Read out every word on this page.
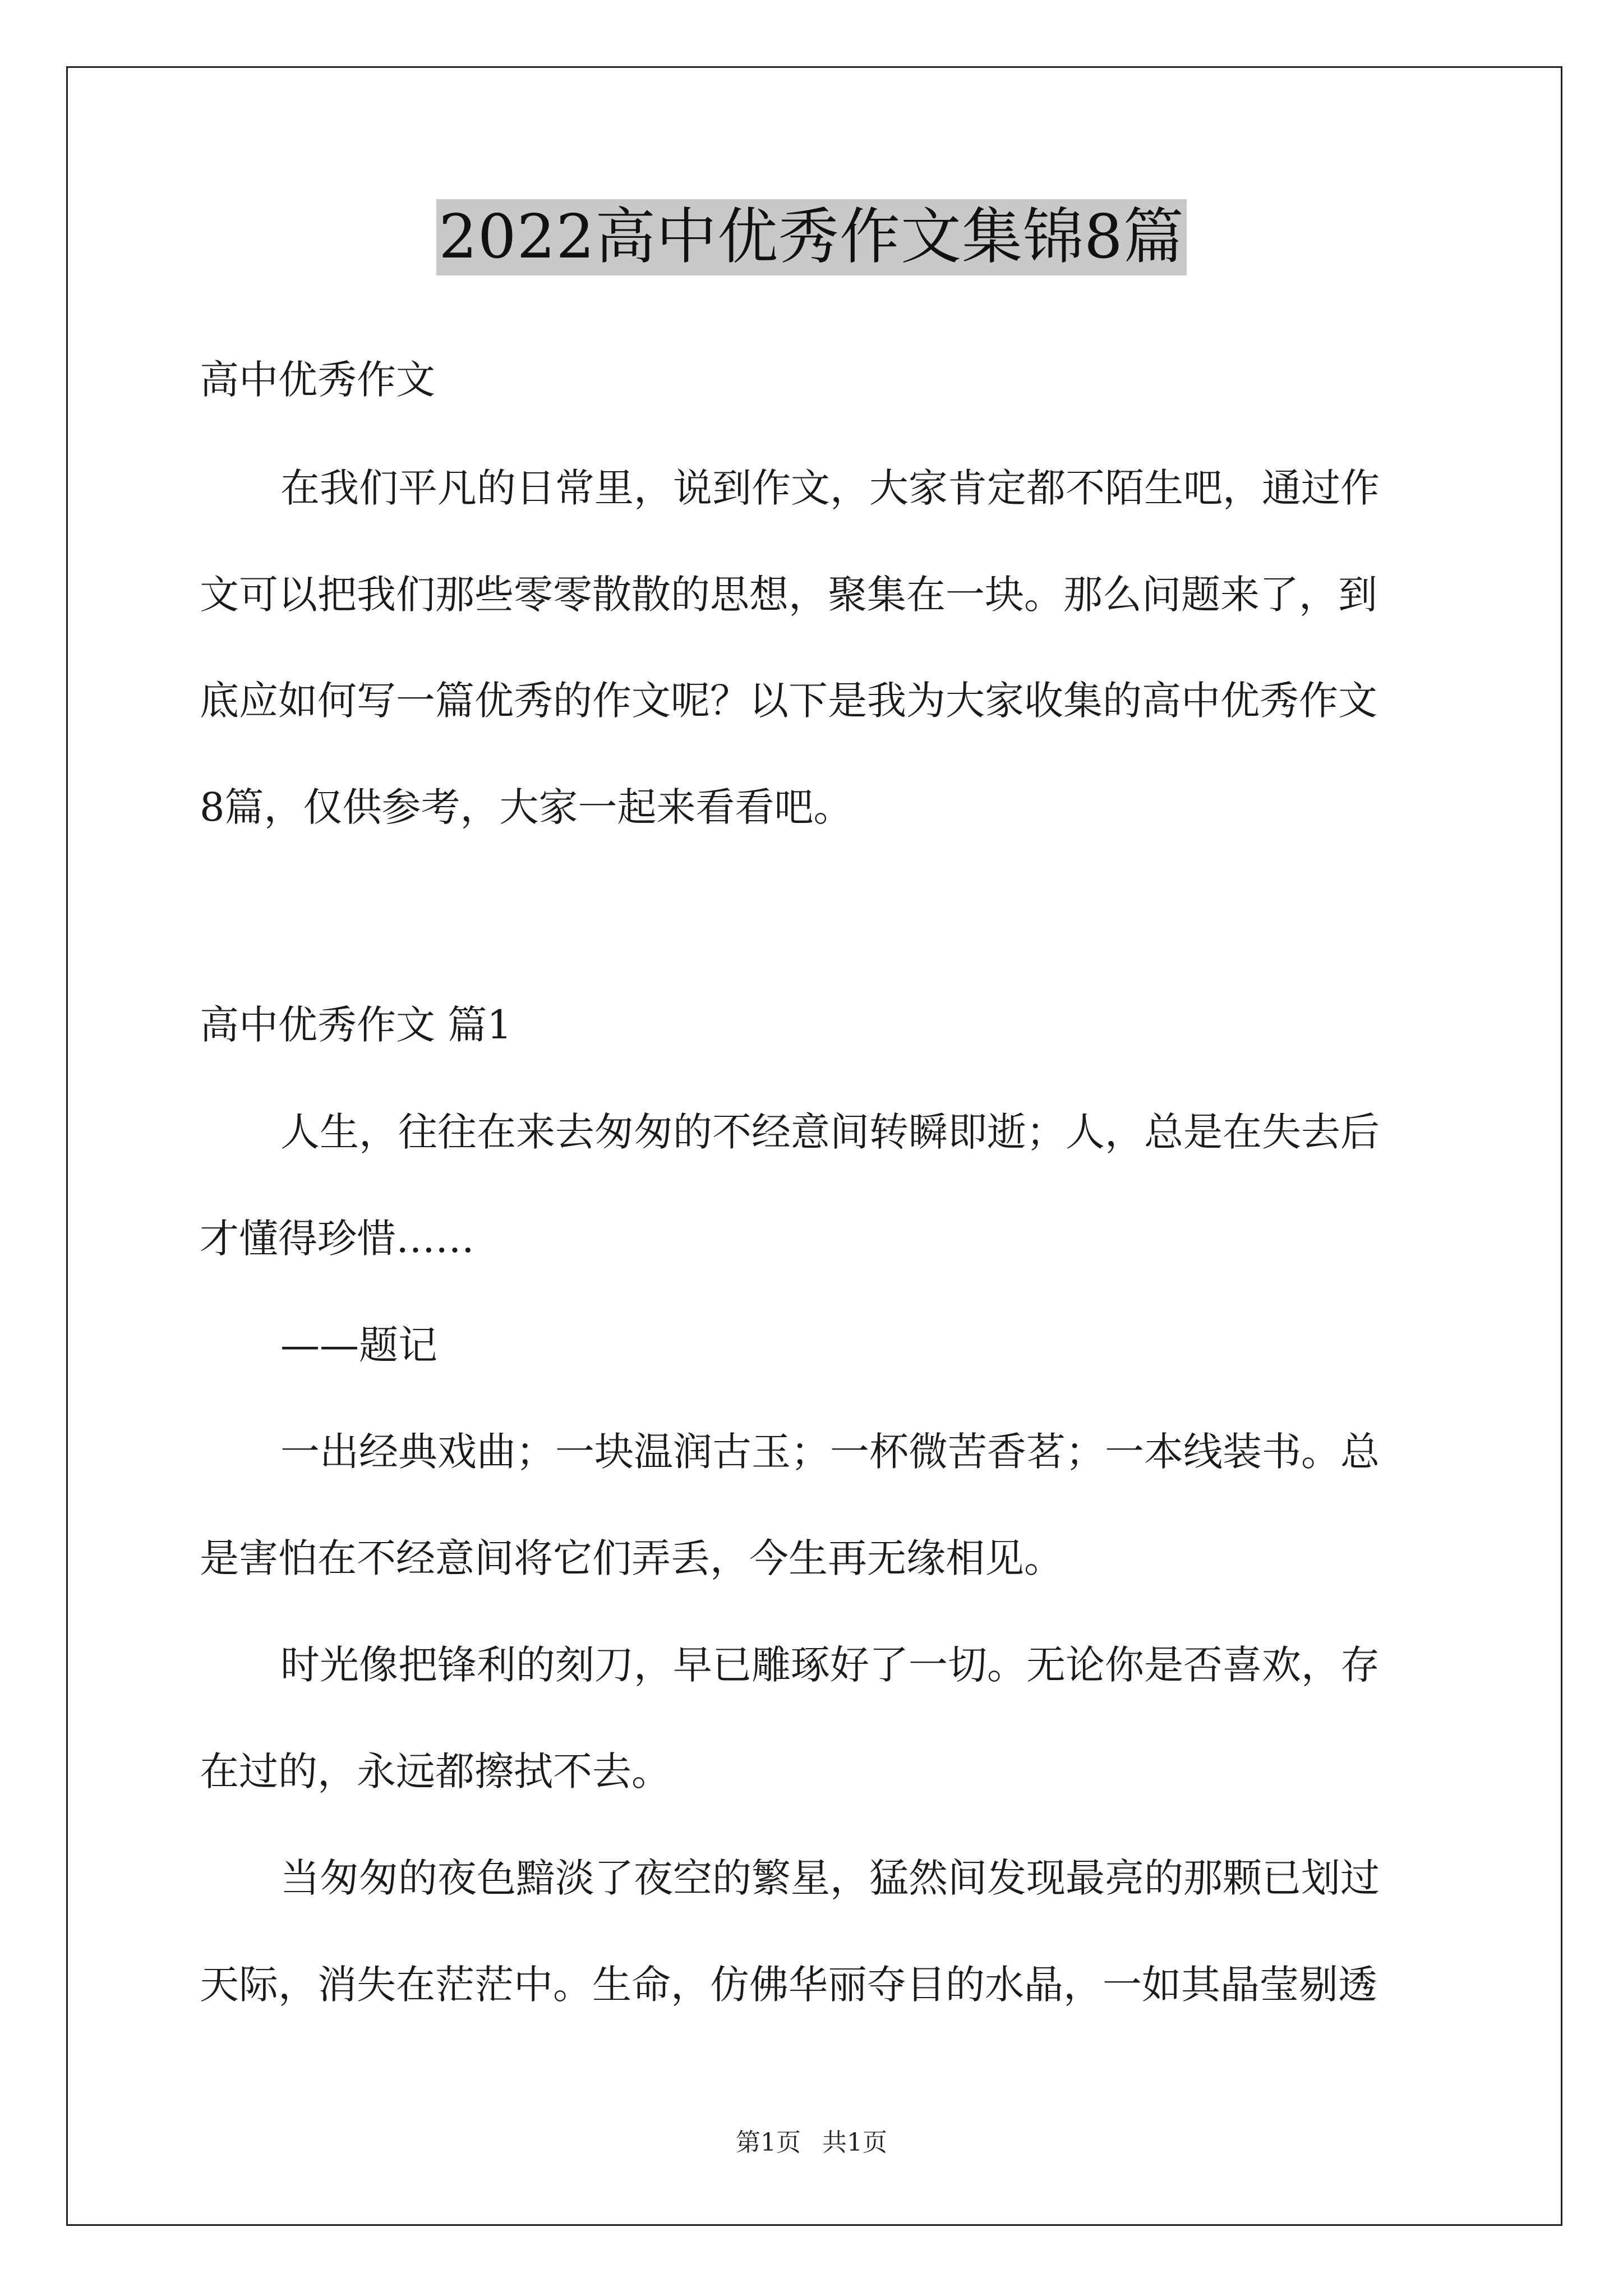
2022高中优秀作文集锦8篇
高中优秀作文
在我们平凡的日常里，说到作文，大家肯定都不陌生吧，通过作
文可以把我们那些零零散散的思想，聚集在一块。那么问题来了，到
底应如何写一篇优秀的作文呢？以下是我为大家收集的高中优秀作文
8篇，仅供参考，大家一起来看看吧。
高中优秀作文 篇1
人生，往往在来去匆匆的不经意间转瞬即逝；人，总是在失去后
才懂得珍惜……
——题记
一出经典戏曲；一块温润古玉；一杯微苦香茗；一本线装书。总
是害怕在不经意间将它们弄丢，今生再无缘相见。
时光像把锋利的刻刀，早已雕琢好了一切。无论你是否喜欢，存
在过的，永远都擦拭不去。
当匆匆的夜色黯淡了夜空的繁星，猛然间发现最亮的那颗已划过
天际，消失在茫茫中。生命，仿佛华丽夺目的水晶，一如其晶莹剔透
第1页 共1页
